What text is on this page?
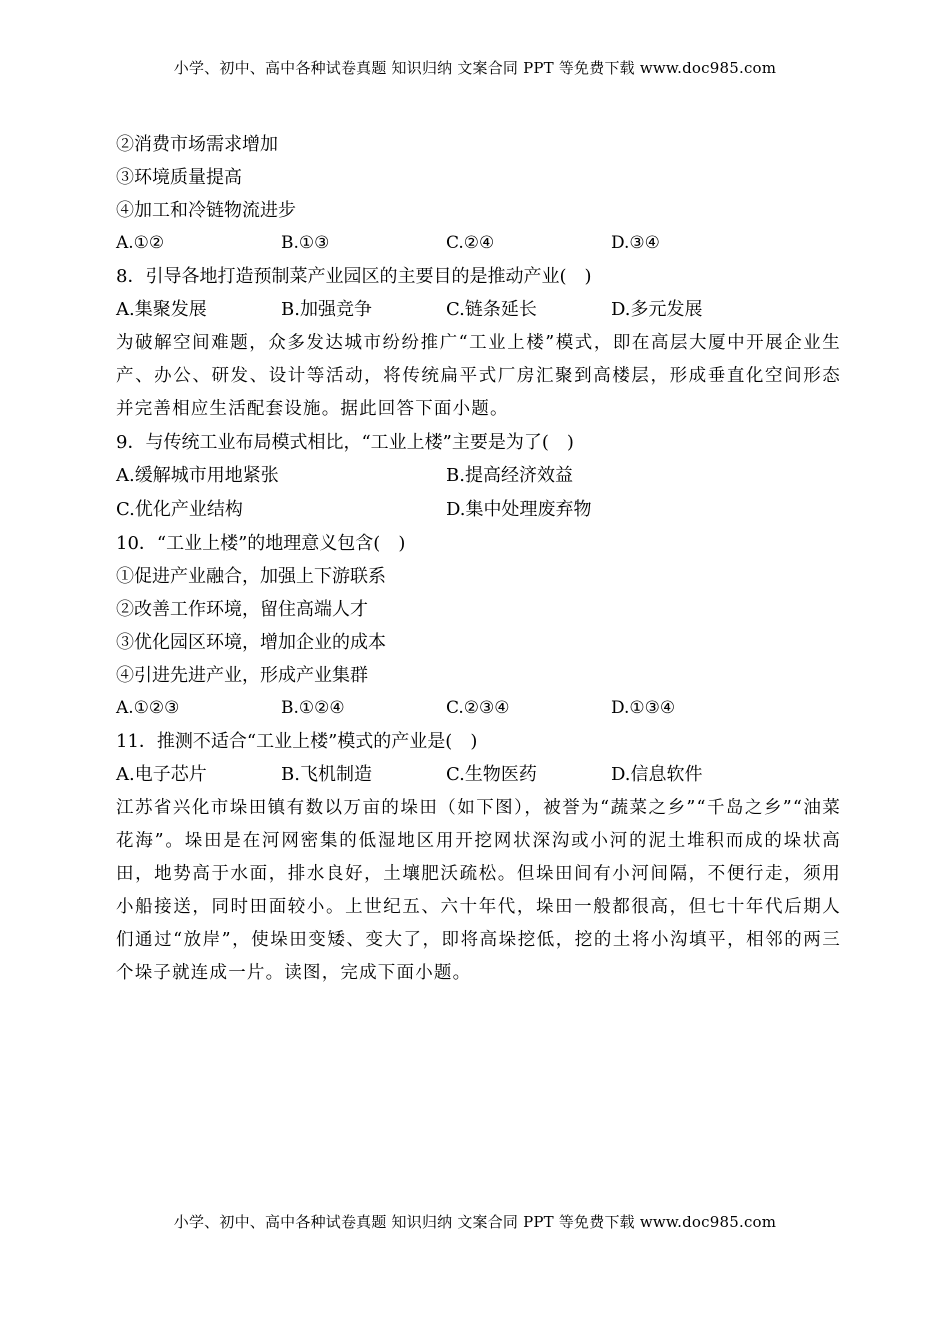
小学、初中、高中各种试卷真题 知识归纳 文案合同 PPT 等免费下载 www.doc985.com
②消费市场需求增加
③环境质量提高
④加工和冷链物流进步
A.①②	B.①③	C.②④	D.③④
8．引导各地打造预制菜产业园区的主要目的是推动产业(　)
A.集聚发展	B.加强竞争	C.链条延长	D.多元发展
为破解空间难题，众多发达城市纷纷推广“工业上楼”模式，即在高层大厦中开展企业生产、办公、研发、设计等活动，将传统扁平式厂房汇聚到高楼层，形成垂直化空间形态并完善相应生活配套设施。据此回答下面小题。
9．与传统工业布局模式相比，“工业上楼”主要是为了(　)
A.缓解城市用地紧张	B.提高经济效益
C.优化产业结构	D.集中处理废弃物
10．“工业上楼”的地理意义包含(　)
①促进产业融合，加强上下游联系
②改善工作环境，留住高端人才
③优化园区环境，增加企业的成本
④引进先进产业，形成产业集群
A.①②③	B.①②④	C.②③④	D.①③④
11．推测不适合“工业上楼”模式的产业是(　)
A.电子芯片	B.飞机制造	C.生物医药	D.信息软件
江苏省兴化市垛田镇有数以万亩的垛田（如下图），被誉为“蔬菜之乡”“千岛之乡”“油菜花海”。垛田是在河网密集的低湿地区用开挖网状深沟或小河的泥土堆积而成的垛状高田，地势高于水面，排水良好，土壤肥沃疏松。但垛田间有小河间隔，不便行走，须用小船接送，同时田面较小。上世纪五、六十年代，垛田一般都很高，但七十年代后期人们通过“放岸”，使垛田变矮、变大了，即将高垛挖低，挖的土将小沟填平，相邻的两三个垛子就连成一片。读图，完成下面小题。
小学、初中、高中各种试卷真题 知识归纳 文案合同 PPT 等免费下载 www.doc985.com
